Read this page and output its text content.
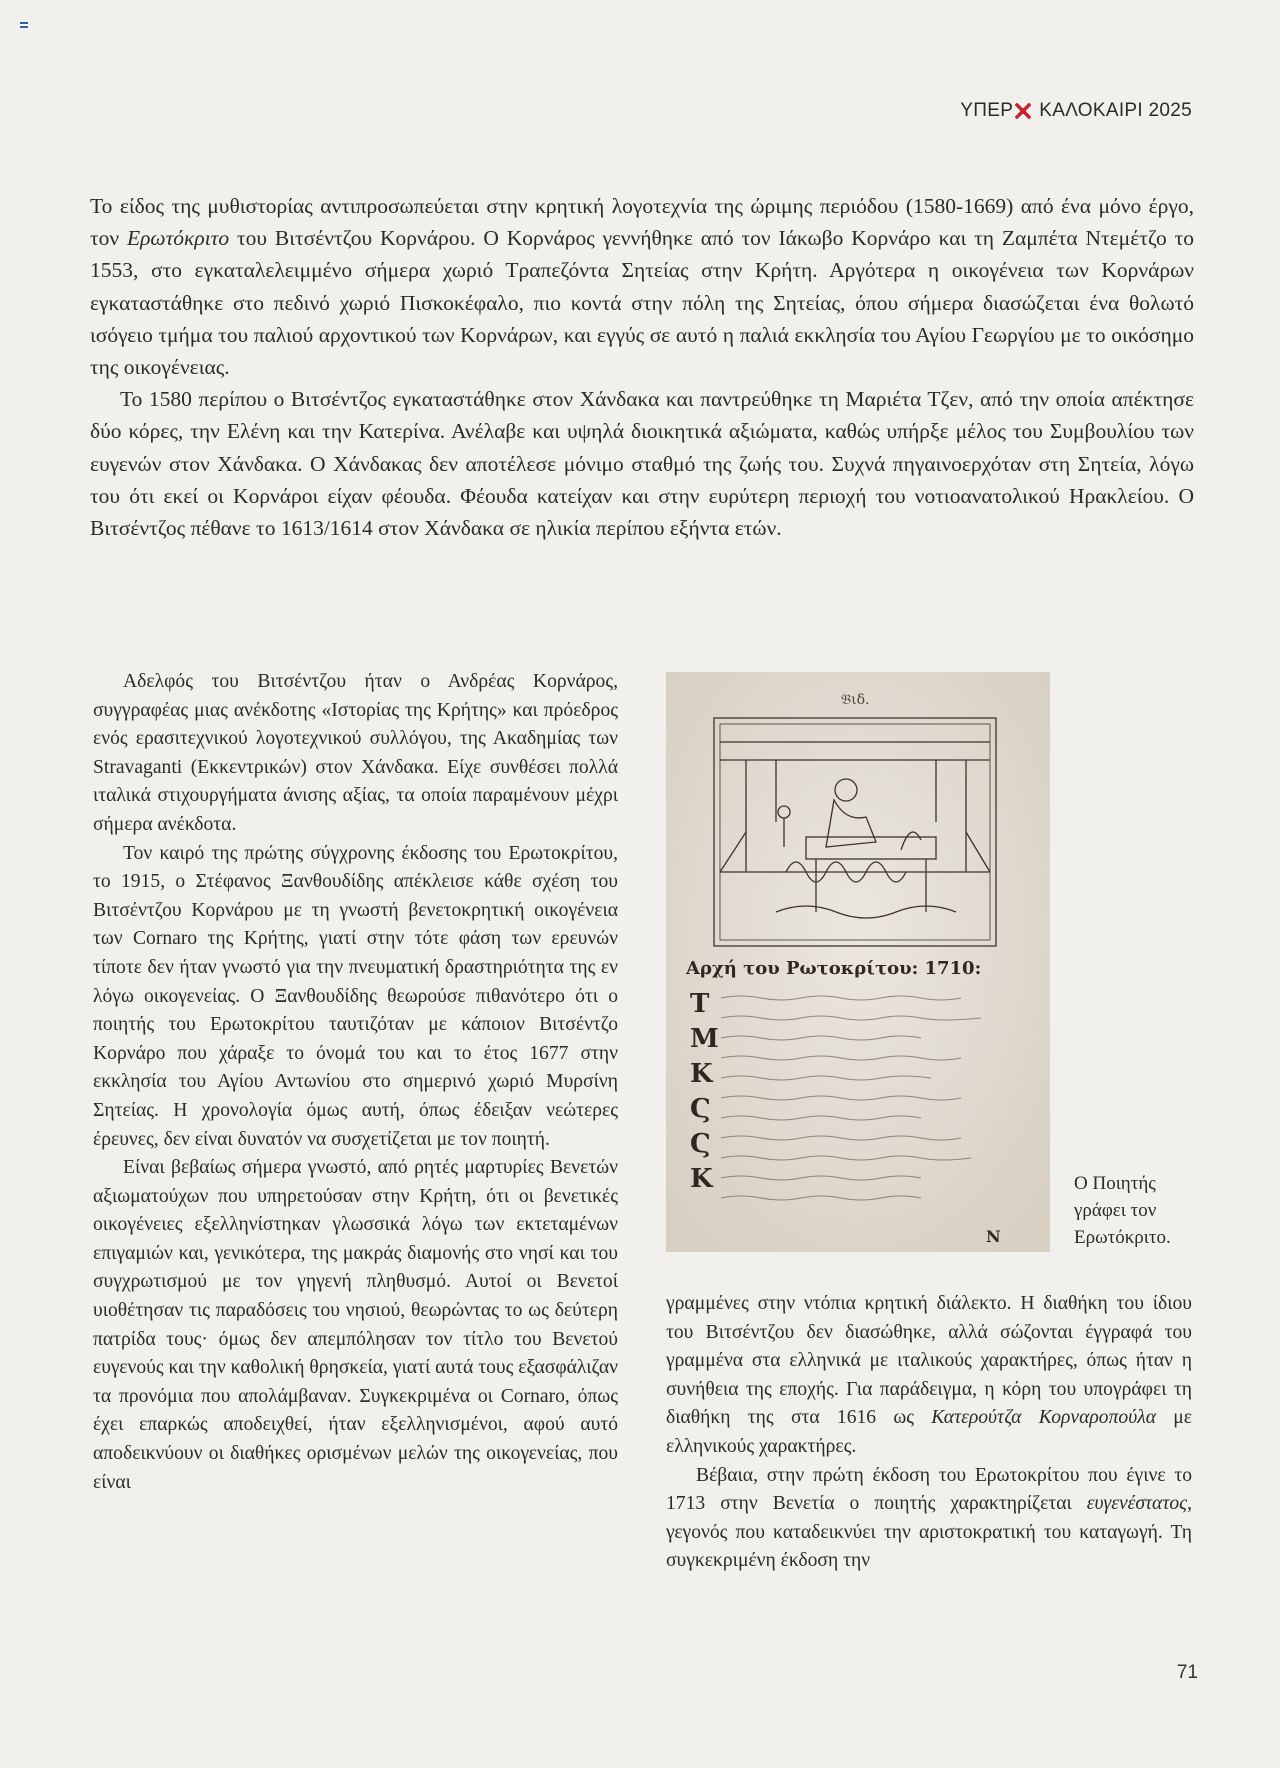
ΥΠΕΡ ΚΑΛΟΚΑΙΡΙ 2025

Το είδος της μυθιστορίας αντιπροσωπεύεται στην κρητική λογοτεχνία της ώριμης περιόδου (1580-1669) από ένα μόνο έργο, τον Ερωτόκριτο του Βιτσέντζου Κορνάρου. Ο Κορνάρος γεννήθηκε από τον Ιάκωβο Κορνάρο και τη Ζαμπέτα Ντεμέτζο το 1553, στο εγκαταλελειμμένο σήμερα χωριό Τραπεζόντα Σητείας στην Κρήτη. Αργότερα η οικογένεια των Κορνάρων εγκαταστάθηκε στο πεδινό χωριό Πισκοκέφαλο, πιο κοντά στην πόλη της Σητείας, όπου σήμερα διασώζεται ένα θολωτό ισόγειο τμήμα του παλιού αρχοντικού των Κορνάρων, και εγγύς σε αυτό η παλιά εκκλησία του Αγίου Γεωργίου με το οικόσημο της οικογένειας.

Το 1580 περίπου ο Βιτσέντζος εγκαταστάθηκε στον Χάνδακα και παντρεύθηκε τη Μαριέτα Τζεν, από την οποία απέκτησε δύο κόρες, την Ελένη και την Κατερίνα. Ανέλαβε και υψηλά διοικητικά αξιώματα, καθώς υπήρξε μέλος του Συμβουλίου των ευγενών στον Χάνδακα. Ο Χάνδακας δεν αποτέλεσε μόνιμο σταθμό της ζωής του. Συχνά πηγαινοερχόταν στη Σητεία, λόγω του ότι εκεί οι Κορνάροι είχαν φέουδα. Φέουδα κατείχαν και στην ευρύτερη περιοχή του νοτιοανατολικού Ηρακλείου. Ο Βιτσέντζος πέθανε το 1613/1614 στον Χάνδακα σε ηλικία περίπου εξήντα ετών.

Αδελφός του Βιτσέντζου ήταν ο Ανδρέας Κορνάρος, συγγραφέας μιας ανέκδοτης «Ιστορίας της Κρήτης» και πρόεδρος ενός ερασιτεχνικού λογοτεχνικού συλλόγου, της Ακαδημίας των Stravaganti (Εκκεντρικών) στον Χάνδακα. Είχε συνθέσει πολλά ιταλικά στιχουργήματα άνισης αξίας, τα οποία παραμένουν μέχρι σήμερα ανέκδοτα.

Τον καιρό της πρώτης σύγχρονης έκδοσης του Ερωτοκρίτου, το 1915, ο Στέφανος Ξανθουδίδης απέκλεισε κάθε σχέση του Βιτσέντζου Κορνάρου με τη γνωστή βενετοκρητική οικογένεια των Cornaro της Κρήτης, γιατί στην τότε φάση των ερευνών τίποτε δεν ήταν γνωστό για την πνευματική δραστηριότητα της εν λόγω οικογενείας. Ο Ξανθουδίδης θεωρούσε πιθανότερο ότι ο ποιητής του Ερωτοκρίτου ταυτιζόταν με κάποιον Βιτσέντζο Κορνάρο που χάραξε το όνομά του και το έτος 1677 στην εκκλησία του Αγίου Αντωνίου στο σημερινό χωριό Μυρσίνη Σητείας. Η χρονολογία όμως αυτή, όπως έδειξαν νεώτερες έρευνες, δεν είναι δυνατόν να συσχετίζεται με τον ποιητή.

Είναι βεβαίως σήμερα γνωστό, από ρητές μαρτυρίες Βενετών αξιωματούχων που υπηρετούσαν στην Κρήτη, ότι οι βενετικές οικογένειες εξελληνίστηκαν γλωσσικά λόγω των εκτεταμένων επιγαμιών και, γενικότερα, της μακράς διαμονής στο νησί και του συγχρωτισμού με τον γηγενή πληθυσμό. Αυτοί οι Βενετοί υιοθέτησαν τις παραδόσεις του νησιού, θεωρώντας το ως δεύτερη πατρίδα τους· όμως δεν απεμπόλησαν τον τίτλο του Βενετού ευγενούς και την καθολική θρησκεία, γιατί αυτά τους εξασφάλιζαν τα προνόμια που απολάμβαναν. Συγκεκριμένα οι Cornaro, όπως έχει επαρκώς αποδειχθεί, ήταν εξελληνισμένοι, αφού αυτό αποδεικνύουν οι διαθήκες ορισμένων μελών της οικογενείας, που είναι

𝔅ιδ.
Αρχή του Ρωτοκρίτου: 1710:
Τ
Μ
Κ
Ϛ
Ϛ
Κ
N
Ο Ποιητής γράφει τον Ερωτόκριτο.

γραμμένες στην ντόπια κρητική διάλεκτο. Η διαθήκη του ίδιου του Βιτσέντζου δεν διασώθηκε, αλλά σώζονται έγγραφά του γραμμένα στα ελληνικά με ιταλικούς χαρακτήρες, όπως ήταν η συνήθεια της εποχής. Για παράδειγμα, η κόρη του υπογράφει τη διαθήκη της στα 1616 ως Κατερούτζα Κορναροπούλα με ελληνικούς χαρακτήρες.

Βέβαια, στην πρώτη έκδοση του Ερωτοκρίτου που έγινε το 1713 στην Βενετία ο ποιητής χαρακτηρίζεται ευγενέστατος, γεγονός που καταδεικνύει την αριστοκρατική του καταγωγή. Τη συγκεκριμένη έκδοση την

71
